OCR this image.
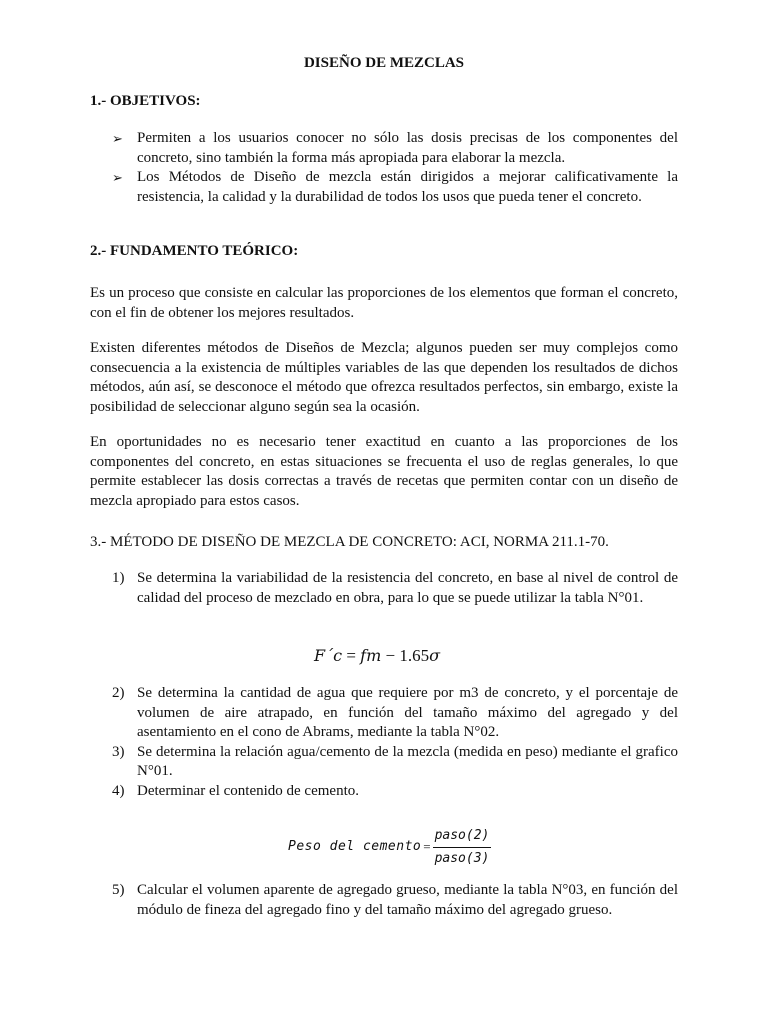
DISEÑO DE MEZCLAS
1.- OBJETIVOS:
➢ Permiten a los usuarios conocer no sólo las dosis precisas de los componentes del concreto, sino también la forma más apropiada para elaborar la mezcla.
➢ Los Métodos de Diseño de mezcla están dirigidos a mejorar calificativamente la resistencia, la calidad y la durabilidad de todos los usos que pueda tener el concreto.
2.- FUNDAMENTO TEÓRICO:
Es un proceso que consiste en calcular las proporciones de los elementos que forman el concreto, con el fin de obtener los mejores resultados.
Existen diferentes métodos de Diseños de Mezcla; algunos pueden ser muy complejos como consecuencia a la existencia de múltiples variables de las que dependen los resultados de dichos métodos, aún así, se desconoce el método que ofrezca resultados perfectos, sin embargo, existe la posibilidad de seleccionar alguno según sea la ocasión.
En oportunidades no es necesario tener exactitud en cuanto a las proporciones de los componentes del concreto, en estas situaciones se frecuenta el uso de reglas generales, lo que permite establecer las dosis correctas a través de recetas que permiten contar con un diseño de mezcla apropiado para estos casos.
3.- MÉTODO DE DISEÑO DE MEZCLA DE CONCRETO: ACI, NORMA 211.1-70.
1) Se determina la variabilidad de la resistencia del concreto, en base al nivel de control de calidad del proceso de mezclado en obra, para lo que se puede utilizar la tabla N°01.
F´c = fm − 1.65σ
2) Se determina la cantidad de agua que requiere por m3 de concreto, y el porcentaje de volumen de aire atrapado, en función del tamaño máximo del agregado y del asentamiento en el cono de Abrams, mediante la tabla N°02.
3) Se determina la relación agua/cemento de la mezcla (medida en peso) mediante el grafico N°01.
4) Determinar el contenido de cemento.
Peso del cemento= $\frac{\text{paso(2)}}{\text{paso(3)}}$
5) Calcular el volumen aparente de agregado grueso, mediante la tabla N°03, en función del módulo de fineza del agregado fino y del tamaño máximo del agregado grueso.
